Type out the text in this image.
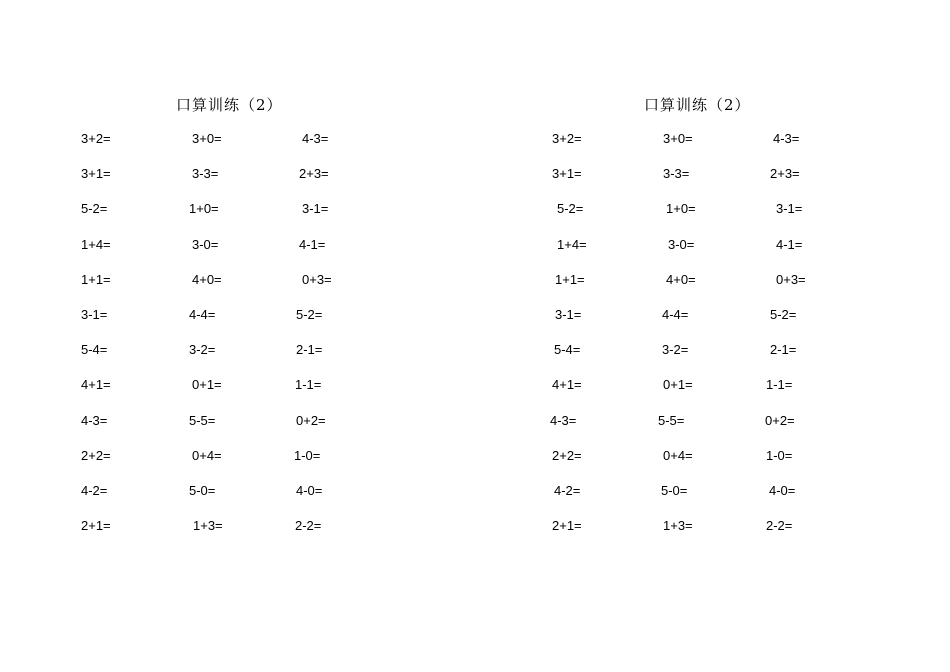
口算训练（2）	口算训练（2）
3+2=	3+0=	4-3=
3+1=	3-3=	2+3=
5-2=	1+0=	3-1=
1+4=	3-0=	4-1=
1+1=	4+0=	0+3=
3-1=	4-4=	5-2=
5-4=	3-2=	2-1=
4+1=	0+1=	1-1=
4-3=	5-5=	0+2=
2+2=	0+4=	1-0=
4-2=	5-0=	4-0=
2+1=	1+3=	2-2=
3+2=	3+0=	4-3=
3+1=	3-3=	2+3=
5-2=	1+0=	3-1=
1+4=	3-0=	4-1=
1+1=	4+0=	0+3=
3-1=	4-4=	5-2=
5-4=	3-2=	2-1=
4+1=	0+1=	1-1=
4-3=	5-5=	0+2=
2+2=	0+4=	1-0=
4-2=	5-0=	4-0=
2+1=	1+3=	2-2=
